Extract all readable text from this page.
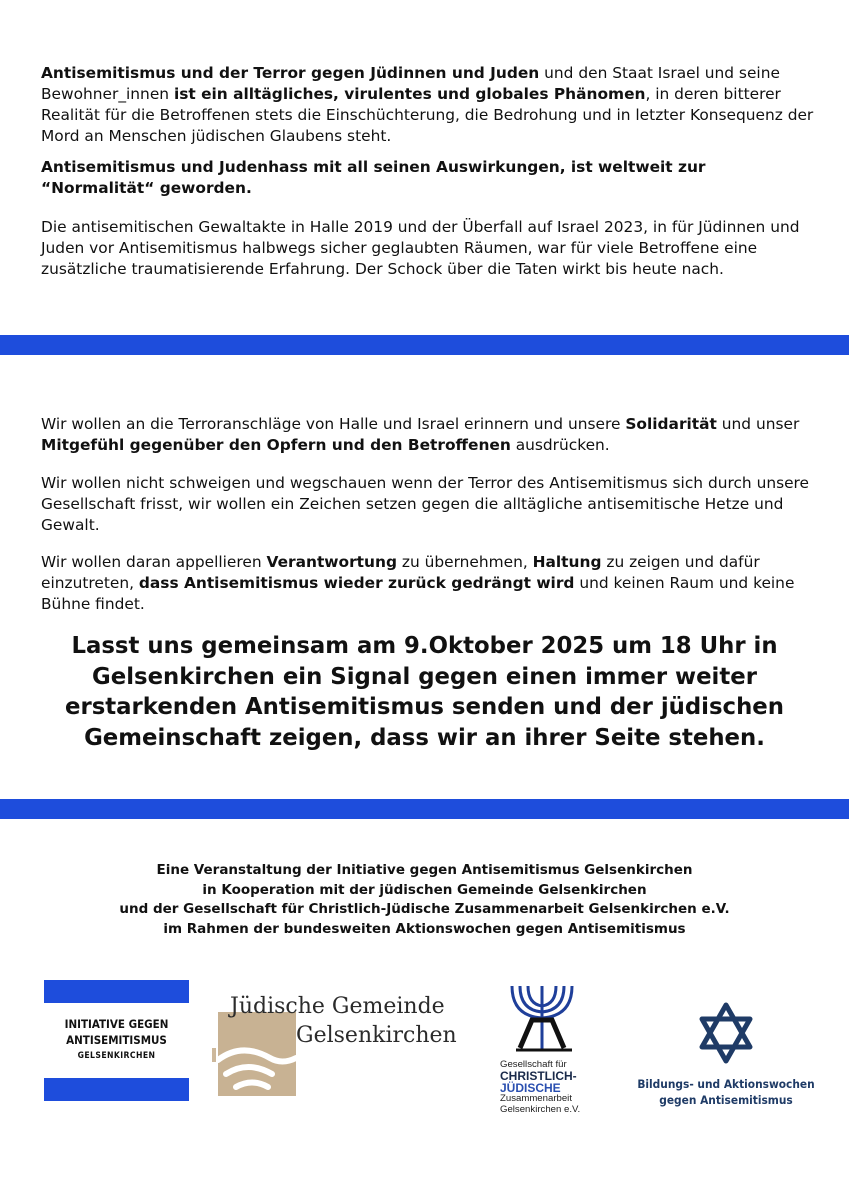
Antisemitismus und der Terror gegen Jüdinnen und Juden und den Staat Israel und seine Bewohner_innen ist ein alltägliches, virulentes und globales Phänomen, in deren bitterer Realität für die Betroffenen stets die Einschüchterung, die Bedrohung und in letzter Konsequenz der Mord an Menschen jüdischen Glaubens steht.

Antisemitismus und Judenhass mit all seinen Auswirkungen, ist weltweit zur “Normalität“ geworden.

Die antisemitischen Gewaltakte in Halle 2019 und der Überfall auf Israel 2023, in für Jüdinnen und Juden vor Antisemitismus halbwegs sicher geglaubten Räumen, war für viele Betroffene eine zusätzliche traumatisierende Erfahrung. Der Schock über die Taten wirkt bis heute nach.

Wir wollen an die Terroranschläge von Halle und Israel erinnern und unsere Solidarität und unser Mitgefühl gegenüber den Opfern und den Betroffenen ausdrücken.

Wir wollen nicht schweigen und wegschauen wenn der Terror des Antisemitismus sich durch unsere Gesellschaft frisst, wir wollen ein Zeichen setzen gegen die alltägliche antisemitische Hetze und Gewalt.

Wir wollen daran appellieren Verantwortung zu übernehmen, Haltung zu zeigen und dafür einzutreten, dass Antisemitismus wieder zurück gedrängt wird und keinen Raum und keine Bühne findet.

Lasst uns gemeinsam am 9.Oktober 2025 um 18 Uhr in Gelsenkirchen ein Signal gegen einen immer weiter erstarkenden Antisemitismus senden und der jüdischen Gemeinschaft zeigen, dass wir an ihrer Seite stehen.
Eine Veranstaltung der Initiative gegen Antisemitismus Gelsenkirchen
in Kooperation mit der jüdischen Gemeinde Gelsenkirchen
und der Gesellschaft für Christlich-Jüdische Zusammenarbeit Gelsenkirchen e.V.
im Rahmen der bundesweiten Aktionswochen gegen Antisemitismus
INITIATIVE GEGEN
ANTISEMITISMUS
GELSENKIRCHEN
Jüdische Gemeinde
Gelsenkirchen
Gesellschaft für
CHRISTLICH-
JÜDISCHE
Zusammenarbeit
Gelsenkirchen e.V.
Bildungs- und Aktionswochen
gegen Antisemitismus
